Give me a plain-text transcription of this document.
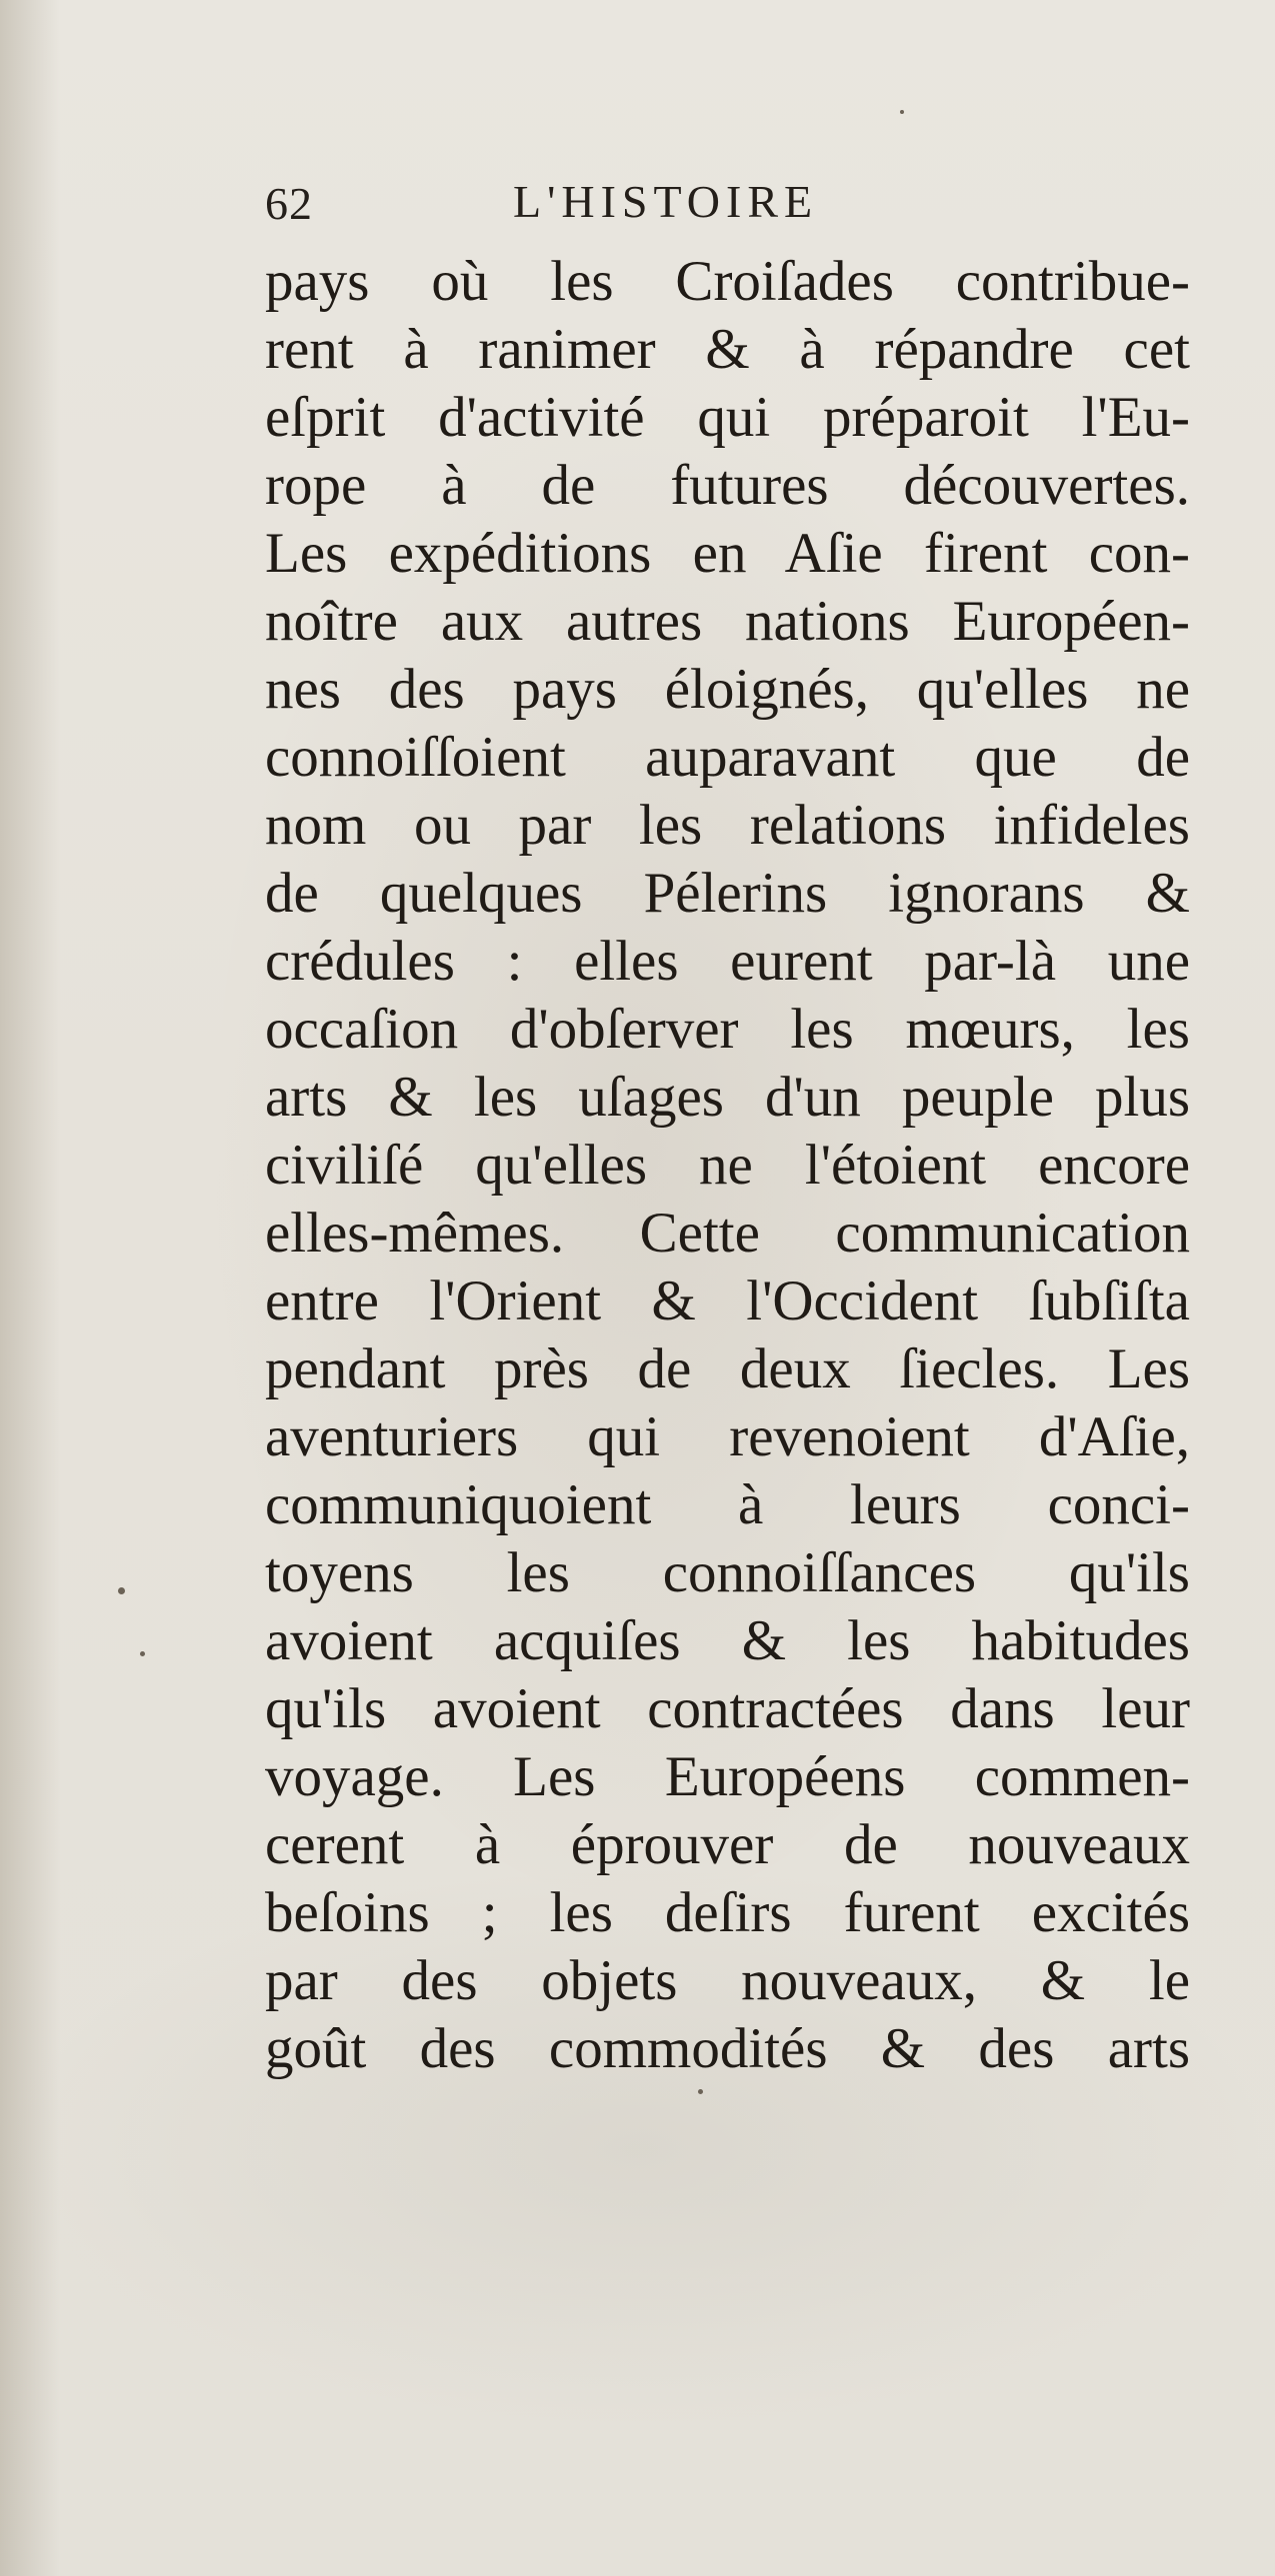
62	L'HISTOIRE
pays où les Croiſades contribue-
rent à ranimer & à répandre cet
eſprit d'activité qui préparoit l'Eu-
rope à de futures découvertes.
Les expéditions en Aſie firent con-
noître aux autres nations Européen-
nes des pays éloignés, qu'elles ne
connoiſſoient auparavant que de
nom ou par les relations infideles
de quelques Pélerins ignorans &
crédules : elles eurent par-là une
occaſion d'obſerver les mœurs, les
arts & les uſages d'un peuple plus
civiliſé qu'elles ne l'étoient encore
elles-mêmes. Cette communication
entre l'Orient & l'Occident ſubſiſta
pendant près de deux ſiecles. Les
aventuriers qui revenoient d'Aſie,
communiquoient à leurs conci-
toyens les connoiſſances qu'ils
avoient acquiſes & les habitudes
qu'ils avoient contractées dans leur
voyage. Les Européens commen-
cerent à éprouver de nouveaux
beſoins ; les deſirs furent excités
par des objets nouveaux, & le
goût des commodités & des arts
